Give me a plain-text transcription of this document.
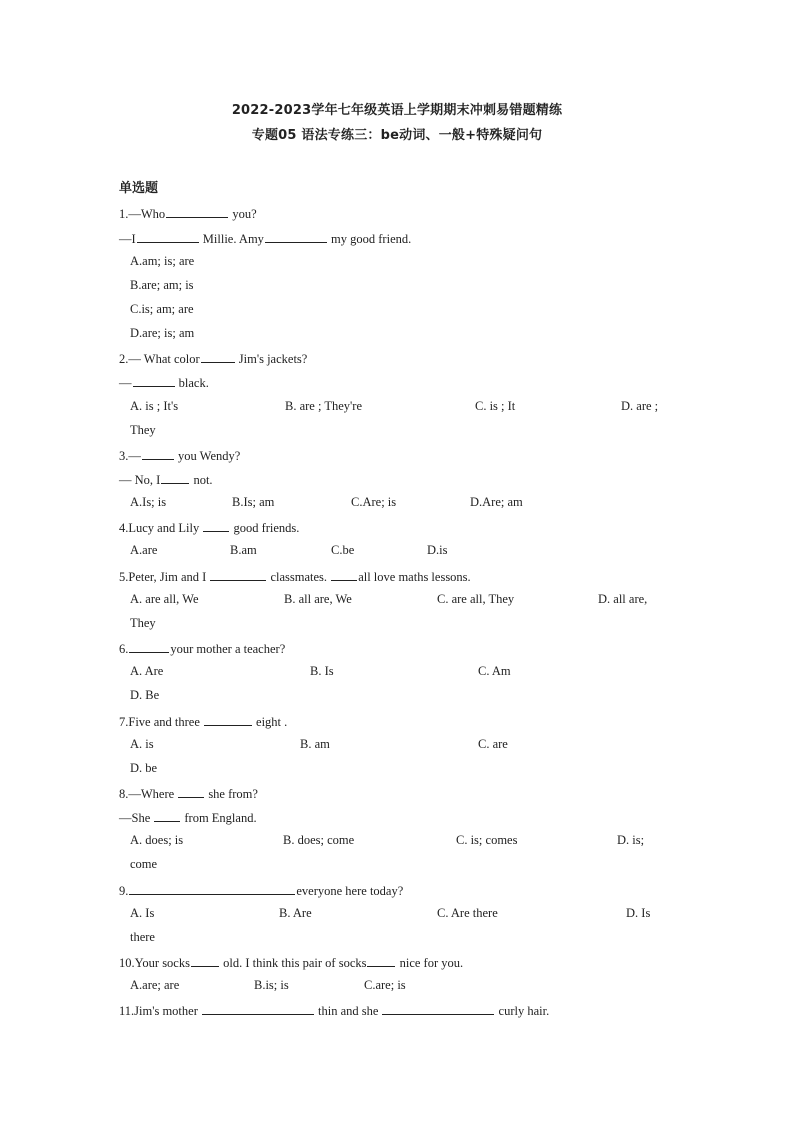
2022-2023学年七年级英语上学期期末冲刺易错题精练
专题05 语法专练三：be动词、一般+特殊疑问句
单选题
1.—Who	you?
—I	Millie. Amy	my good friend.
A.am; is; are
B.are; am; is
C.is; am; are
D.are; is; am
2.— What color	Jim's jackets?
—	black.
A. is ; It's	B. are ; They're	C. is ; It	D. are ;
They
3.—	you Wendy?
— No, I not.
A.Is; is	B.Is; am	C.Are; is	D.Are; am
4.Lucy and Lily  good friends.
A.are	B.am	C.be	D.is
5.Peter, Jim and I	classmates. all love maths lessons.
A. are all, We	B. all are, We	C. are all, They	D. all are,
They
6.	your mother a teacher?
A. Are	B. Is	C. Am
D. Be
7.Five and three	eight .
A. is	B. am	C. are
D. be
8.—Where she from?
—She from England.
A. does; is	B. does; come	C. is; comes	D. is;
come
9.	everyone here today?
A. Is	B. Are	C. Are there	D. Is
there
10.Your socks old. I think this pair of socks nice for you.
A.are; are	B.is; is	C.are; is
11.Jim's mother	thin and she	curly hair.
